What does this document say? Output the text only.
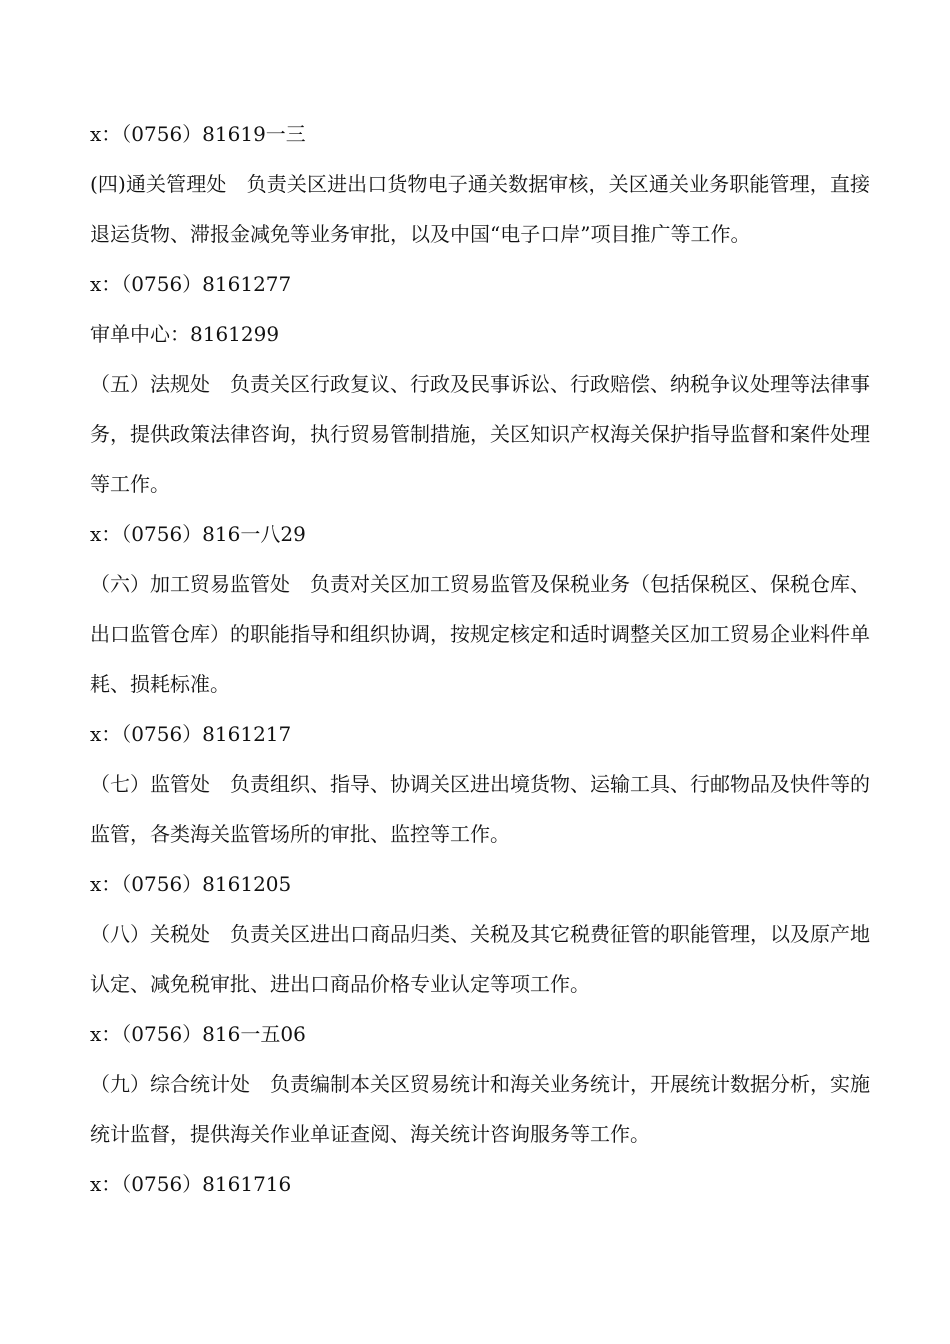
x：（0756）81619一三

(四)通关管理处　负责关区进出口货物电子通关数据审核，关区通关业务职能管理，直接退运货物、滞报金减免等业务审批，以及中国“电子口岸”项目推广等工作。

x：（0756）8161277

审单中心：8161299

（五）法规处　负责关区行政复议、行政及民事诉讼、行政赔偿、纳税争议处理等法律事务，提供政策法律咨询，执行贸易管制措施，关区知识产权海关保护指导监督和案件处理等工作。

x：（0756）816一八29

（六）加工贸易监管处　负责对关区加工贸易监管及保税业务（包括保税区、保税仓库、出口监管仓库）的职能指导和组织协调，按规定核定和适时调整关区加工贸易企业料件单耗、损耗标准。

x：（0756）8161217

（七）监管处　负责组织、指导、协调关区进出境货物、运输工具、行邮物品及快件等的监管，各类海关监管场所的审批、监控等工作。

x：（0756）8161205

（八）关税处　负责关区进出口商品归类、关税及其它税费征管的职能管理，以及原产地认定、减免税审批、进出口商品价格专业认定等项工作。

x：（0756）816一五06

（九）综合统计处　负责编制本关区贸易统计和海关业务统计，开展统计数据分析，实施统计监督，提供海关作业单证查阅、海关统计咨询服务等工作。

x：（0756）8161716
